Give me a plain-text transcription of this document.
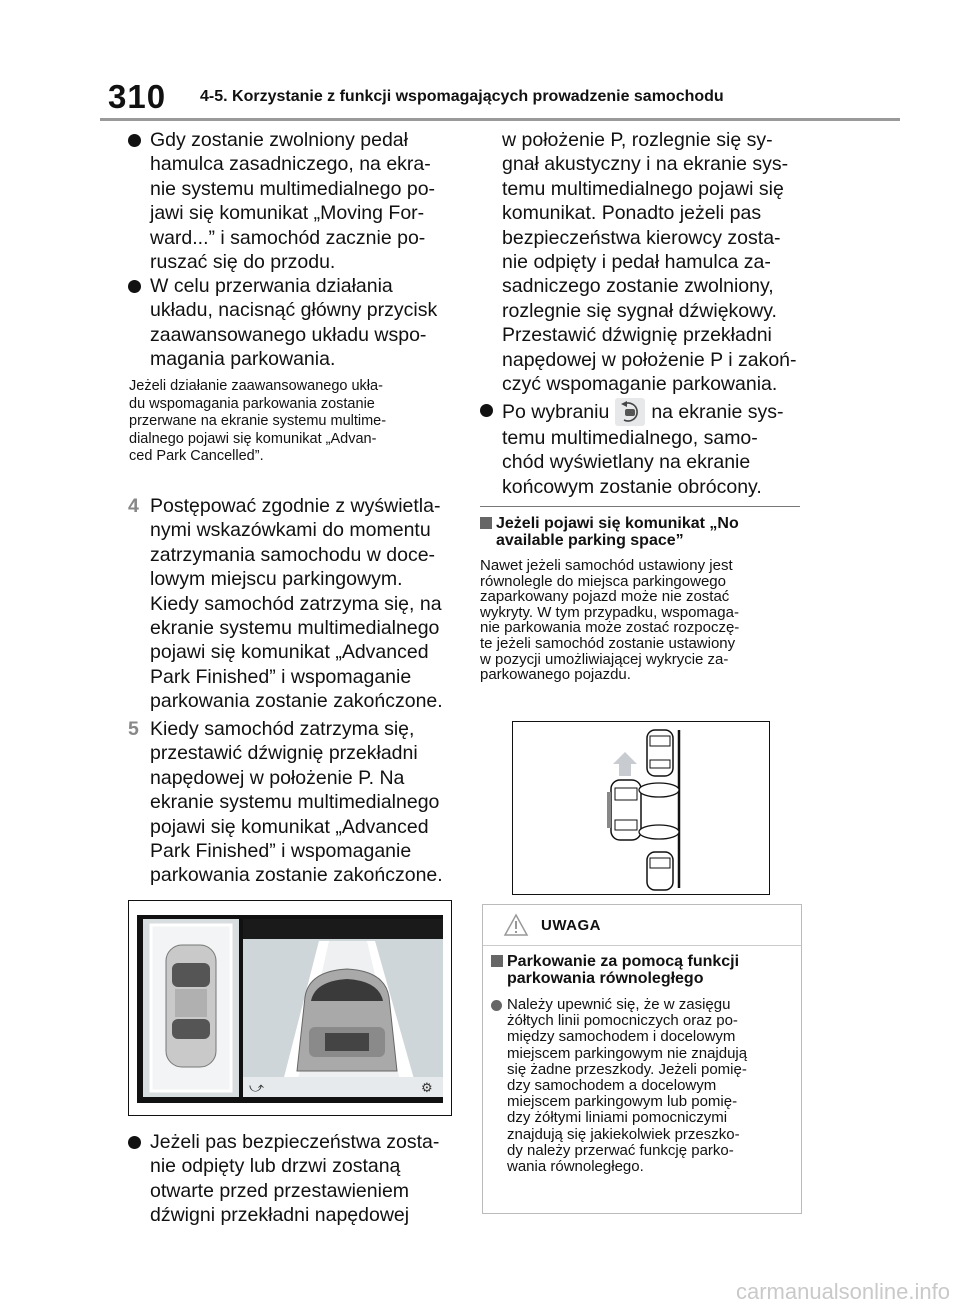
310 4-5. Korzystanie z funkcji wspomagających prowadzenie samochodu
Gdy zostanie zwolniony pedał
hamulca zasadniczego, na ekra-
nie systemu multimedialnego po-
jawi się komunikat „Moving For-
ward...” i samochód zacznie po-
ruszać się do przodu.
W celu przerwania działania
układu, nacisnąć główny przycisk
zaawansowanego układu wspo-
magania parkowania.
Jeżeli działanie zaawansowanego ukła-
du wspomagania parkowania zostanie
przerwane na ekranie systemu multime-
dialnego pojawi się komunikat „Advan-
ced Park Cancelled”.
4 Postępować zgodnie z wyświetla-
nymi wskazówkami do momentu
zatrzymania samochodu w doce-
lowym miejscu parkingowym.
Kiedy samochód zatrzyma się, na
ekranie systemu multimedialnego
pojawi się komunikat „Advanced
Park Finished” i wspomaganie
parkowania zostanie zakończone.
5 Kiedy samochód zatrzyma się,
przestawić dźwignię przekładni
napędowej w położenie P. Na
ekranie systemu multimedialnego
pojawi się komunikat „Advanced
Park Finished” i wspomaganie
parkowania zostanie zakończone.
⤻	⚙
Jeżeli pas bezpieczeństwa zosta-
nie odpięty lub drzwi zostaną
otwarte przed przestawieniem
dźwigni przekładni napędowej
w położenie P, rozlegnie się sy-
gnał akustyczny i na ekranie sys-
temu multimedialnego pojawi się
komunikat. Ponadto jeżeli pas
bezpieczeństwa kierowcy zosta-
nie odpięty i pedał hamulca za-
sadniczego zostanie zwolniony,
rozlegnie się sygnał dźwiękowy.
Przestawić dźwignię przekładni
napędowej w położenie P i zakoń-
czyć wspomaganie parkowania.
Po wybraniu na ekranie sys-
temu multimedialnego, samo-
chód wyświetlany na ekranie
końcowym zostanie obrócony.
Jeżeli pojawi się komunikat „No
available parking space”
Nawet jeżeli samochód ustawiony jest
równolegle do miejsca parkingowego
zaparkowany pojazd może nie zostać
wykryty. W tym przypadku, wspomaga-
nie parkowania może zostać rozpoczę-
te jeżeli samochód zostanie ustawiony
w pozycji umożliwiającej wykrycie za-
parkowanego pojazdu.
UWAGA
Parkowanie za pomocą funkcji
parkowania równoległego
Należy upewnić się, że w zasięgu
żółtych linii pomocniczych oraz po-
między samochodem i docelowym
miejscem parkingowym nie znajdują
się żadne przeszkody. Jeżeli pomię-
dzy samochodem a docelowym
miejscem parkingowym lub pomię-
dzy żółtymi liniami pomocniczymi
znajdują się jakiekolwiek przeszko-
dy należy przerwać funkcję parko-
wania równoległego.
carmanualsonline.info
